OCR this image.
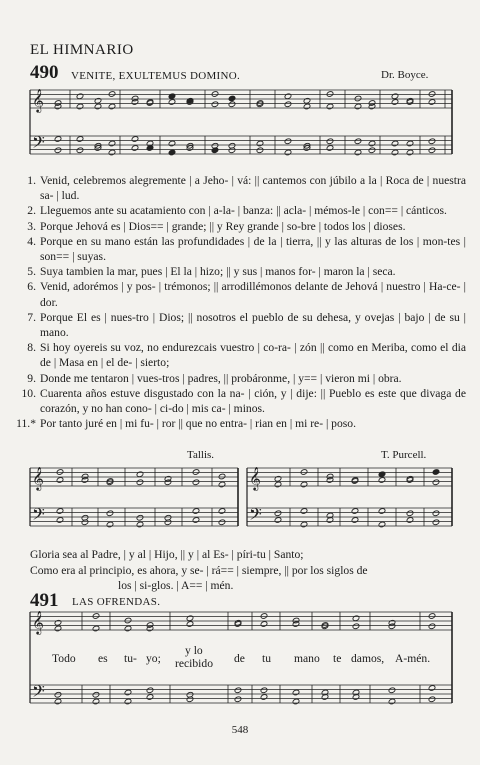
EL HIMNARIO
490 VENITE, EXULTEMUS DOMINO.	Dr. Boyce.
𝄞
𝄢
𝄞
𝄢
𝄞
𝄢
𝄞
𝄢
1. Venid, celebremos alegremente | a Jeho- | vá: || cantemos con júbilo a la | Roca de | nuestra sa- | lud.
2. Lleguemos ante su acatamiento con | a-la- | banza: || acla- | mémos-le | con== | cánticos.
3. Porque Jehová es | Dios== | grande; || y Rey grande | so-bre | todos los | dioses.
4. Porque en su mano están las profundidades | de la | tierra, || y las alturas de los | mon-tes | son== | suyas.
5. Suya tambien la mar, pues | El la | hizo; || y sus | manos for- | maron la | seca.
6. Venid, adorémos | y pos- | trémonos; || arrodillémonos delante de Jehová | nuestro | Ha-ce- | dor.
7. Porque El es | nues-tro | Dios; || nosotros el pueblo de su dehesa, y ovejas | bajo | de su | mano.
8. Si hoy oyereis su voz, no endurezcais vuestro | co-ra- | zón || como en Meriba, como el dia de | Masa en | el de- | sierto;
9. Donde me tentaron | vues-tros | padres, || probáronme, | y== | vieron mi | obra.
10. Cuarenta años estuve disgustado con la na- | ción, y | dije: || Pueblo es este que divaga de corazón, y no han cono- | ci-do | mis ca- | minos.
11.* Por tanto juré en | mi fu- | ror || que no entra- | rian en | mi re- | poso.
Tallis.	T. Purcell.
Gloria sea al Padre, | y al | Hijo, || y | al Es- | píri-tu | Santo;
Como era al principio, es ahora, y se- | rá== | siempre, || por los siglos de
los | si-glos. | A== | mén.
491 LAS OFRENDAS.
Todo es tu- yo;
y lo
recibido de tu mano te damos, A-mén.
548
